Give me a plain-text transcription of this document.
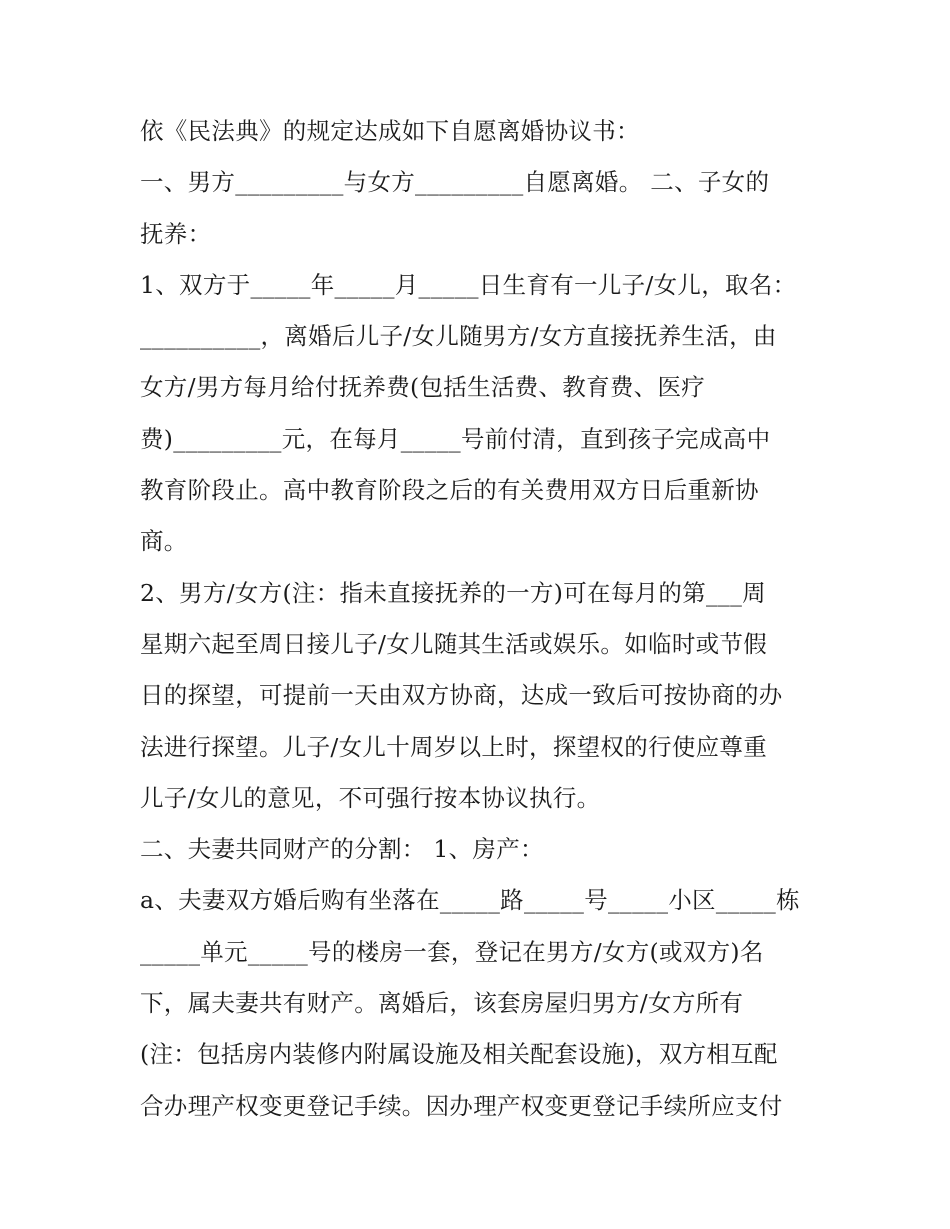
依《民法典》的规定达成如下自愿离婚协议书：
一、男方_________与女方_________自愿离婚。 二、子女的
抚养：
1、双方于_____年_____月_____日生育有一儿子/女儿，取名：
__________，离婚后儿子/女儿随男方/女方直接抚养生活，由
女方/男方每月给付抚养费(包括生活费、教育费、医疗
费)_________元，在每月_____号前付清，直到孩子完成高中
教育阶段止。高中教育阶段之后的有关费用双方日后重新协
商。
2、男方/女方(注：指未直接抚养的一方)可在每月的第___周
星期六起至周日接儿子/女儿随其生活或娱乐。如临时或节假
日的探望，可提前一天由双方协商，达成一致后可按协商的办
法进行探望。儿子/女儿十周岁以上时，探望权的行使应尊重
儿子/女儿的意见，不可强行按本协议执行。
二、夫妻共同财产的分割： 1、房产：
a、夫妻双方婚后购有坐落在_____路_____号_____小区_____栋
_____单元_____号的楼房一套，登记在男方/女方(或双方)名
下，属夫妻共有财产。离婚后，该套房屋归男方/女方所有
(注：包括房内装修内附属设施及相关配套设施)，双方相互配
合办理产权变更登记手续。因办理产权变更登记手续所应支付
